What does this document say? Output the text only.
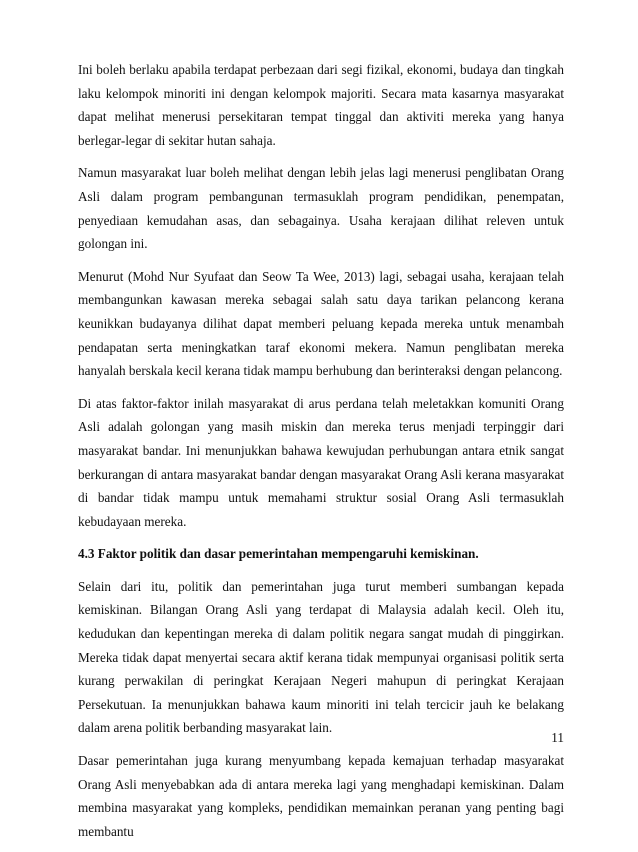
Ini boleh berlaku apabila terdapat perbezaan dari segi fizikal, ekonomi, budaya dan tingkah laku kelompok minoriti ini dengan kelompok majoriti. Secara mata kasarnya masyarakat dapat melihat menerusi persekitaran tempat tinggal dan aktiviti mereka yang hanya berlegar-legar di sekitar hutan sahaja.

Namun masyarakat luar boleh melihat dengan lebih jelas lagi menerusi penglibatan Orang Asli dalam program pembangunan termasuklah program pendidikan, penempatan, penyediaan kemudahan asas, dan sebagainya. Usaha kerajaan dilihat releven untuk golongan ini.

Menurut (Mohd Nur Syufaat dan Seow Ta Wee, 2013) lagi, sebagai usaha, kerajaan telah membangunkan kawasan mereka sebagai salah satu daya tarikan pelancong kerana keunikkan budayanya dilihat dapat memberi peluang kepada mereka untuk menambah pendapatan serta meningkatkan taraf ekonomi mekera. Namun penglibatan mereka hanyalah berskala kecil kerana tidak mampu berhubung dan berinteraksi dengan pelancong.

Di atas faktor-faktor inilah masyarakat di arus perdana telah meletakkan komuniti Orang Asli adalah golongan yang masih miskin dan mereka terus menjadi terpinggir dari masyarakat bandar. Ini menunjukkan bahawa kewujudan perhubungan antara etnik sangat berkurangan di antara masyarakat bandar dengan masyarakat Orang Asli kerana masyarakat di bandar tidak mampu untuk memahami struktur sosial Orang Asli termasuklah kebudayaan mereka.

4.3 Faktor politik dan dasar pemerintahan mempengaruhi kemiskinan.

Selain dari itu, politik dan pemerintahan juga turut memberi sumbangan kepada kemiskinan. Bilangan Orang Asli yang terdapat di Malaysia adalah kecil. Oleh itu, kedudukan dan kepentingan mereka di dalam politik negara sangat mudah di pinggirkan. Mereka tidak dapat menyertai secara aktif kerana tidak mempunyai organisasi politik serta kurang perwakilan di peringkat Kerajaan Negeri mahupun di peringkat Kerajaan Persekutuan. Ia menunjukkan bahawa kaum minoriti ini telah tercicir jauh ke belakang dalam arena politik berbanding masyarakat lain.

Dasar pemerintahan juga kurang menyumbang kepada kemajuan terhadap masyarakat Orang Asli menyebabkan ada di antara mereka lagi yang menghadapi kemiskinan. Dalam membina masyarakat yang kompleks, pendidikan memainkan peranan yang penting bagi membantu

11
